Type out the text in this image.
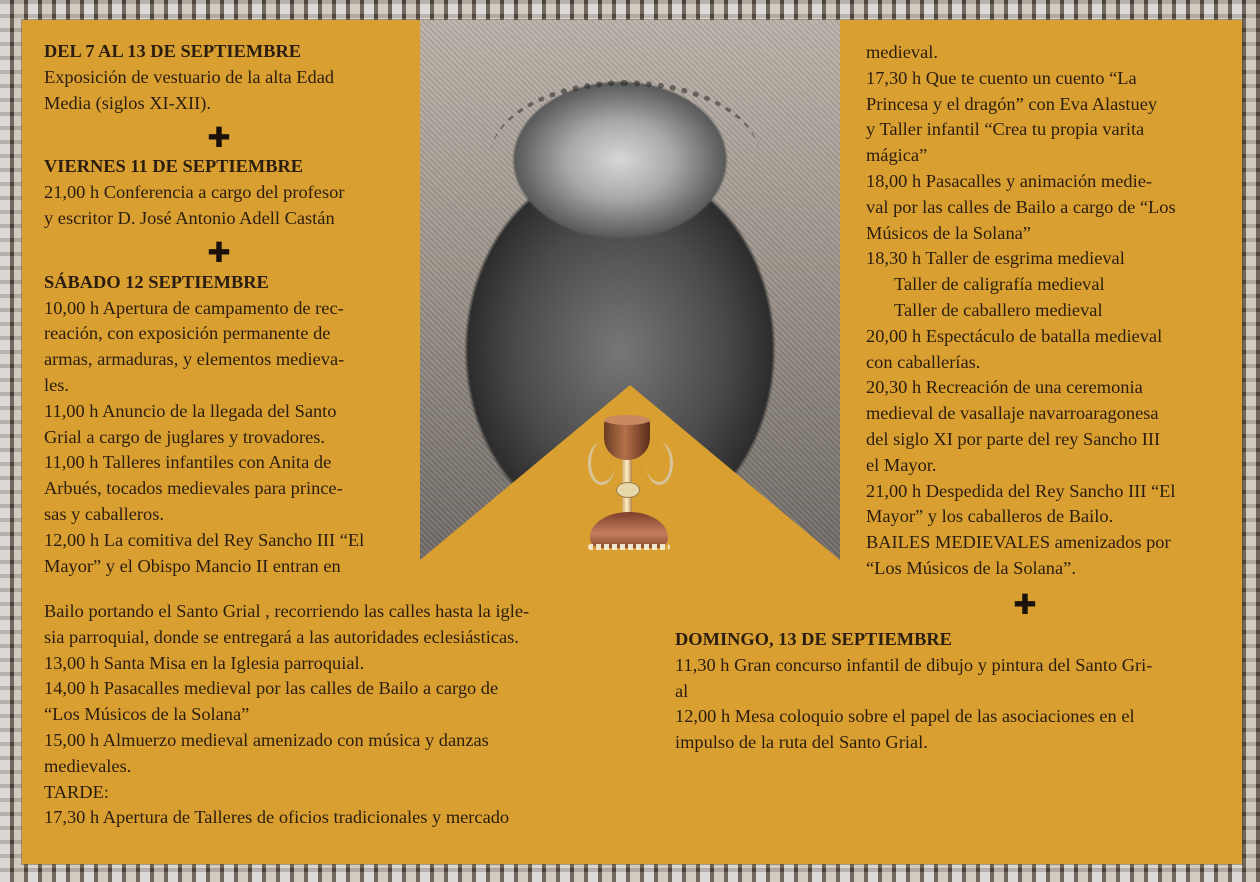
DEL 7 AL 13 DE SEPTIEMBRE

Exposición de vestuario de la alta Edad

Media (siglos XI-XII).

✚

VIERNES 11 DE SEPTIEMBRE

21,00 h Conferencia a cargo del profesor

y escritor D. José Antonio Adell Castán

✚

SÁBADO 12 SEPTIEMBRE

10,00 h Apertura de campamento de rec-

reación, con exposición permanente de

armas, armaduras, y elementos medieva-

les.

11,00 h Anuncio de la llegada del Santo

Grial a cargo de juglares y trovadores.

11,00 h Talleres infantiles con Anita de

Arbués, tocados medievales para prince-

sas y caballeros.

12,00 h La comitiva del Rey Sancho III “El

Mayor” y el Obispo Mancio II entran en

Bailo portando el Santo Grial , recorriendo las calles hasta la igle-

sia parroquial, donde se entregará a las autoridades eclesiásticas.

13,00 h Santa Misa en la Iglesia parroquial.

14,00 h Pasacalles medieval por las calles de Bailo a cargo de

“Los Músicos de la Solana”

15,00 h Almuerzo medieval amenizado con música y danzas

medievales.

TARDE:

17,30 h Apertura de Talleres de oficios tradicionales y mercado

medieval.

17,30 h Que te cuento un cuento “La

Princesa y el dragón” con Eva Alastuey

y Taller infantil “Crea tu propia varita

mágica”

18,00 h Pasacalles y animación medie-

val por las calles de Bailo a cargo de “Los

Músicos de la Solana”

18,30 h Taller de esgrima medieval

Taller de caligrafía medieval

Taller de caballero medieval

20,00 h Espectáculo de batalla medieval

con caballerías.

20,30 h Recreación de una ceremonia

medieval de vasallaje navarroaragonesa

del siglo XI por parte del rey Sancho III

el Mayor.

21,00 h Despedida del Rey Sancho III “El

Mayor” y los caballeros de Bailo.

BAILES MEDIEVALES amenizados por

“Los Músicos de la Solana”.

✚

DOMINGO, 13 DE SEPTIEMBRE

11,30 h Gran concurso infantil de dibujo y pintura del Santo Gri-

al

12,00 h Mesa coloquio sobre el papel de las asociaciones en el

impulso de la ruta del Santo Grial.
